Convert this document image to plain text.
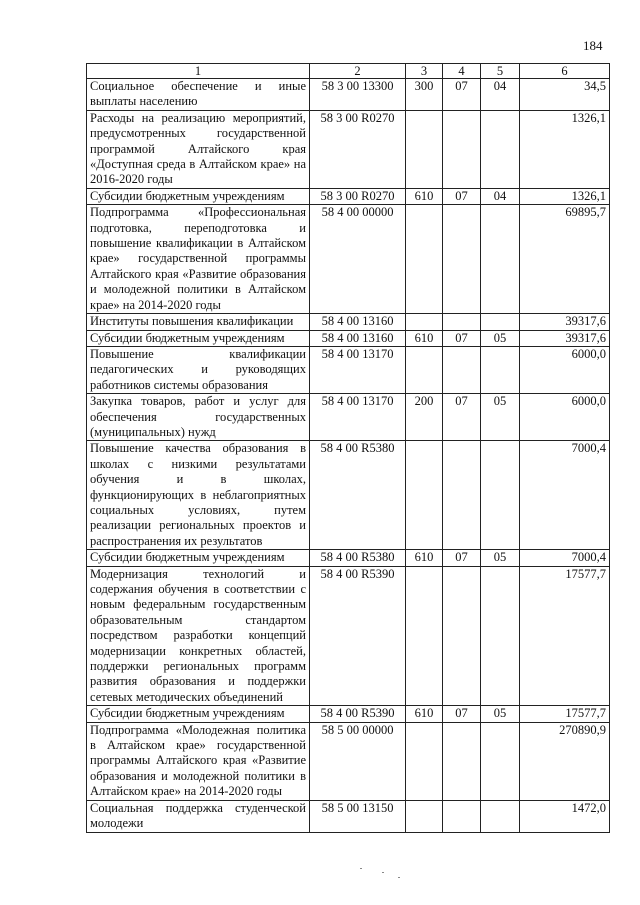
184
1	2	3	4	5	6
Социальное обеспечение и иные выплаты населению	58 3 00 13300	300	07	04	34,5
Расходы на реализацию мероприятий, предусмотренных государственной программой Алтайского края «Доступная среда в Алтайском крае» на 2016-2020 годы	58 3 00 R0270				1326,1
Субсидии бюджетным учреждениям	58 3 00 R0270	610	07	04	1326,1
Подпрограмма «Профессиональная подготовка, переподготовка и повышение квалификации в Алтайском крае» государственной программы Алтайского края «Развитие образования и молодежной политики в Алтайском крае» на 2014-2020 годы	58 4 00 00000				69895,7
Институты повышения квалификации	58 4 00 13160				39317,6
Субсидии бюджетным учреждениям	58 4 00 13160	610	07	05	39317,6
Повышение квалификации педагогических и руководящих работников системы образования	58 4 00 13170				6000,0
Закупка товаров, работ и услуг для обеспечения государственных (муниципальных) нужд	58 4 00 13170	200	07	05	6000,0
Повышение качества образования в школах с низкими результатами обучения и в школах, функционирующих в неблагоприятных социальных условиях, путем реализации региональных проектов и распространения их результатов	58 4 00 R5380				7000,4
Субсидии бюджетным учреждениям	58 4 00 R5380	610	07	05	7000,4
Модернизация технологий и содержания обучения в соответствии с новым федеральным государственным образовательным стандартом посредством разработки концепций модернизации конкретных областей, поддержки региональных программ развития образования и поддержки сетевых методических объединений	58 4 00 R5390				17577,7
Субсидии бюджетным учреждениям	58 4 00 R5390	610	07	05	17577,7
Подпрограмма «Молодежная политика в Алтайском крае» государственной программы Алтайского края «Развитие образования и молодежной политики в Алтайском крае» на 2014-2020 годы	58 5 00 00000				270890,9
Социальная поддержка студенческой молодежи	58 5 00 13150				1472,0
